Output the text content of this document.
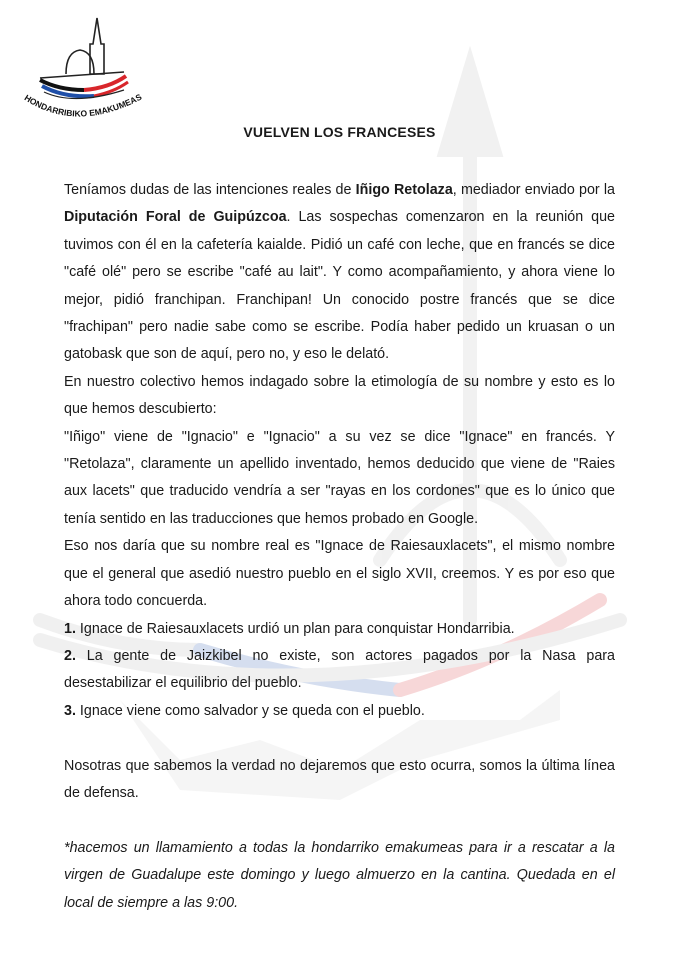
HONDARRIBIKO EMAKUMEAS
VUELVEN LOS FRANCESES

Teníamos dudas de las intenciones reales de Iñigo Retolaza, mediador enviado por la Diputación Foral de Guipúzcoa. Las sospechas comenzaron en la reunión que tuvimos con él en la cafetería kaialde. Pidió un café con leche, que en francés se dice "café olé" pero se escribe "café au lait". Y como acompañamiento, y ahora viene lo mejor, pidió franchipan. Franchipan! Un conocido postre francés que se dice "frachipan" pero nadie sabe como se escribe. Podía haber pedido un kruasan o un gatobask que son de aquí, pero no, y eso le delató.

En nuestro colectivo hemos indagado sobre la etimología de su nombre y esto es lo que hemos descubierto:

"Iñigo" viene de "Ignacio" e "Ignacio" a su vez se dice "Ignace" en francés. Y "Retolaza", claramente un apellido inventado, hemos deducido que viene de "Raies aux lacets" que traducido vendría a ser "rayas en los cordones" que es lo único que tenía sentido en las traducciones que hemos probado en Google.

Eso nos daría que su nombre real es "Ignace de Raiesauxlacets", el mismo nombre que el general que asedió nuestro pueblo en el siglo XVII, creemos. Y es por eso que ahora todo concuerda.

1. Ignace de Raiesauxlacets urdió un plan para conquistar Hondarribia.

2. La gente de Jaizkibel no existe, son actores pagados por la Nasa para desestabilizar el equilibrio del pueblo.

3. Ignace viene como salvador y se queda con el pueblo.

Nosotras que sabemos la verdad no dejaremos que esto ocurra, somos la última línea de defensa.

*hacemos un llamamiento a todas la hondarriko emakumeas para ir a rescatar a la virgen de Guadalupe este domingo y luego almuerzo en la cantina. Quedada en el local de siempre a las 9:00.
